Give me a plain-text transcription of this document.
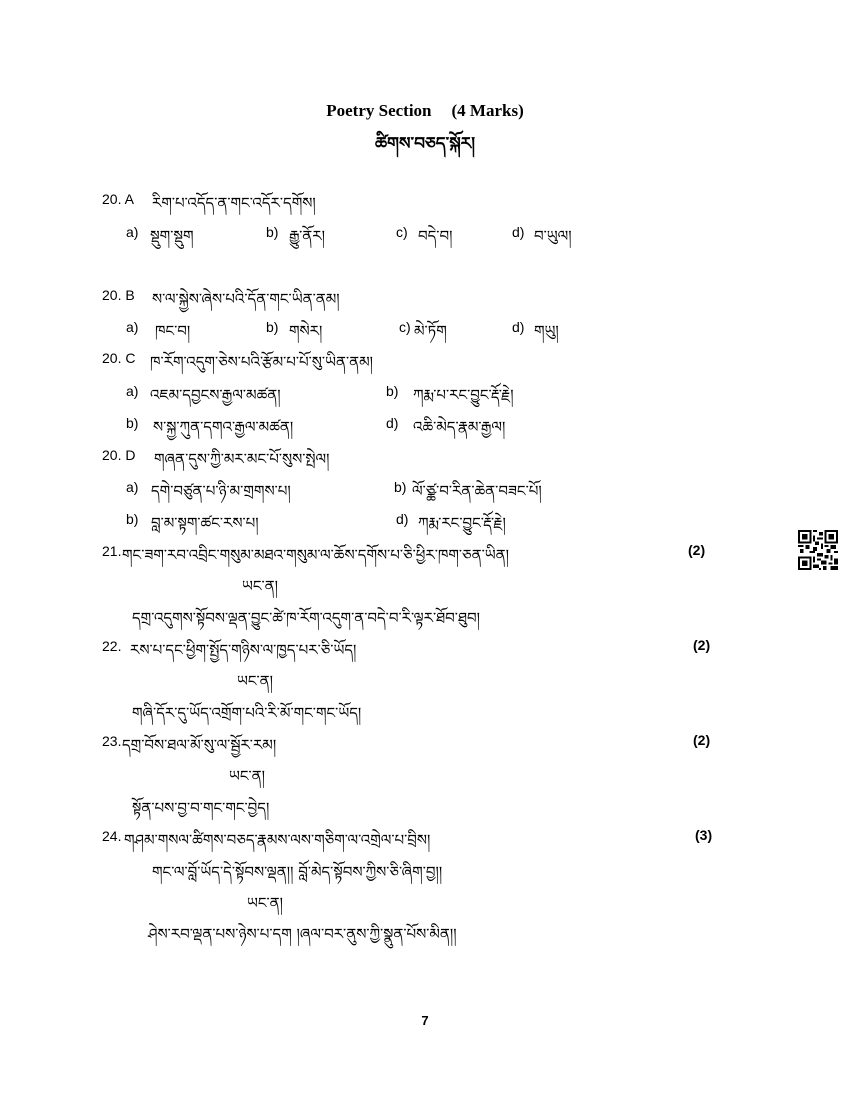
Poetry Section (4 Marks)
ཚིགས་བཅད་སྐོར།
20. A རིག་པ་འདོད་ན་གང་འདོར་དགོས།
a) སྡུག་སྡུག	b) རྒྱུ་ནོར།	c) བདེ་བ།	d) བ་ཡུལ།
20. B ས་ལ་སྐྱེས་ཞེས་པའི་དོན་གང་ཡིན་ནམ།
a) ཁང་བ།	b) གསེར།	c) མེ་ཏོག	d) གཡུ།
20. C ཁ་རོག་འདུག་ཅེས་པའི་རྩོམ་པ་པོ་སུ་ཡིན་ནམ།
a) འཇམ་དབྱངས་རྒྱལ་མཚན།	b) ཀརྨ་པ་རང་བྱུང་རྡོ་རྗེ།
b) ས་སྐྱ་ཀུན་དགའ་རྒྱལ་མཚན།	d) འཆི་མེད་རྣམ་རྒྱལ།
20. D གཞན་དུས་ཀྱི་མར་མང་པོ་སུས་སྤེལ།
a) དགེ་བཙུན་པ་ཉི་མ་གྲགས་པ།	b) ལོ་ཙྪ་བ་རིན་ཆེན་བཟང་པོ།
b) བླ་མ་སྟག་ཚང་རས་པ།	d) ཀརྨ་རང་བྱུང་རྡོ་རྗེ།
21. གང་ཟག་རབ་འབྲིང་གསུམ་མཐའ་གསུམ་ལ་ཆོས་དགོས་པ་ཅི་ཕྱིར་ཁག་ཅན་ཡིན།	(2)
ཡང་ན།
དགྲ་འདུགས་སྟོབས་ལྡན་བྱུང་ཚེ་ཁ་རོག་འདུག་ན་བདེ་བ་རི་ལྟར་ཐོབ་ཐུབ།
22. རས་པ་དང་ཕྱིག་སྤྱོད་གཉིས་ལ་ཁྱད་པར་ཅི་ཡོད།	(2)
ཡང་ན།
གཞི་དོར་དུ་ཡོད་འགྲོག་པའི་རི་མོ་གང་གང་ཡོད།
23. དགྲ་བོས་ཐལ་མོ་སུ་ལ་སྦྱོར་རམ།	(2)
ཡང་ན།
སྟོན་པས་བྱ་བ་གང་གང་བྱེད།
24. གཤམ་གསལ་ཚིགས་བཅད་རྣམས་ལས་གཅིག་ལ་འགྲེལ་པ་བྲིས།	(3)
གང་ལ་བློ་ཡོད་དེ་སྟོབས་ལྡན།། བློ་མེད་སྟོབས་ཀྱིས་ཅི་ཞིག་བྱ།།
ཡང་ན།
ཤེས་རབ་ལྡན་པས་ཉེས་པ་དག །ཞལ་བར་ནུས་ཀྱི་སྣུན་པོས་མིན།།
7
